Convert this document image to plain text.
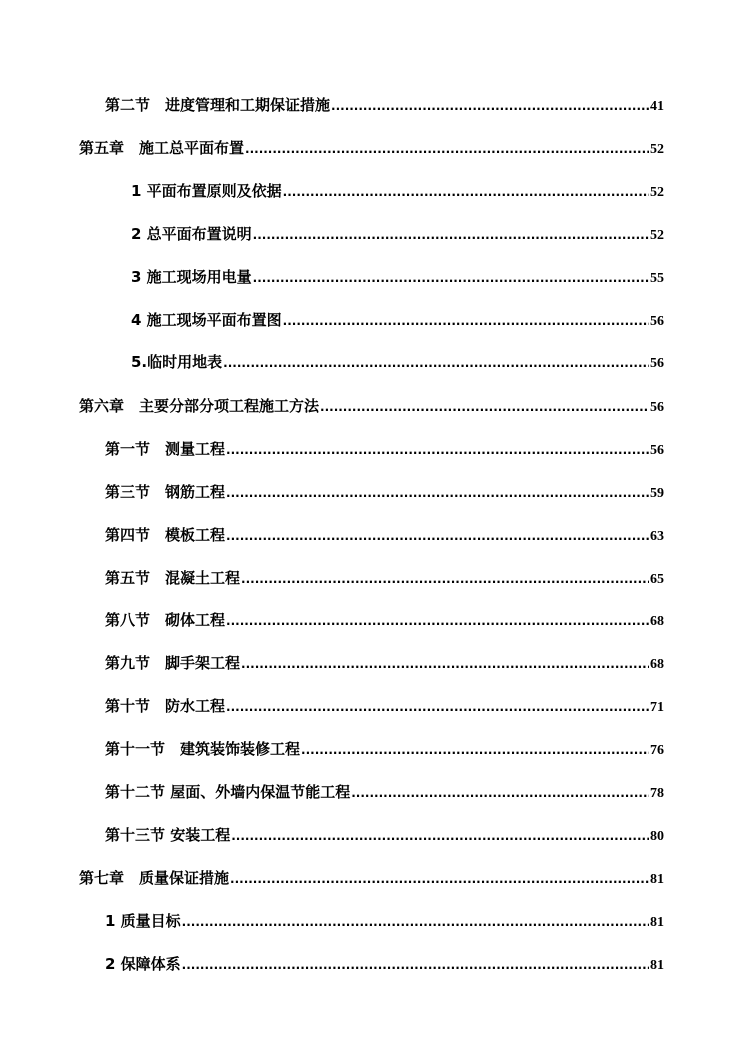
第二节　进度管理和工期保证措施 .....	41
第五章　施工总平面布置 .....	52
1 平面布置原则及依据 .....	52
2 总平面布置说明 .....	52
3 施工现场用电量 .....	55
4 施工现场平面布置图 .....	56
5.临时用地表 .....	56
第六章　主要分部分项工程施工方法 .....	56
第一节　测量工程 .....	56
第三节　钢筋工程 .....	59
第四节　模板工程 .....	63
第五节　混凝土工程 .....	65
第八节　砌体工程 .....	68
第九节　脚手架工程 .....	68
第十节　防水工程 .....	71
第十一节　建筑装饰装修工程 .....	76
第十二节 屋面、外墙内保温节能工程 .....	78
第十三节 安装工程 .....	80
第七章　质量保证措施 .....	81
1 质量目标 .....	81
2 保障体系 .....	81
